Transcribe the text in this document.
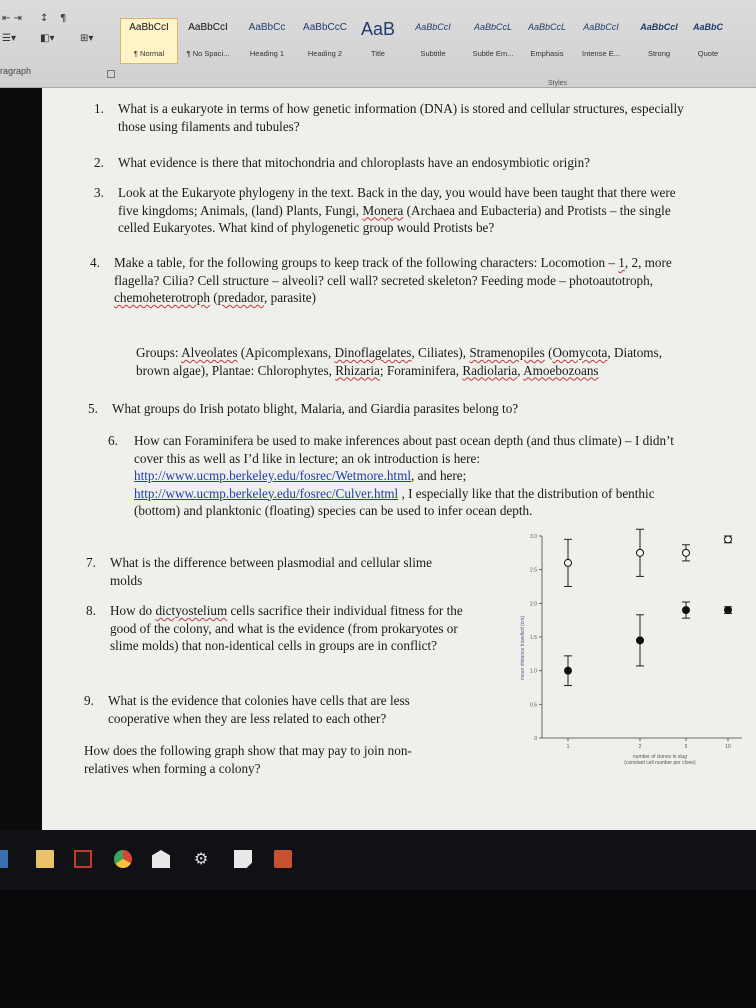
⇤ ⇥ ↕ ¶
☰▾ ◧▾	⊞▾
ragraph
AaBbCcI
¶ Normal
AaBbCcI
¶ No Spaci...
AaBbCc
Heading 1
AaBbCcC
Heading 2
AaB
Title
AaBbCcI
Subtitle
AaBbCcL
Subtle Em...
AaBbCcL
Emphasis
AaBbCcI
Intense E...
AaBbCcI
Strong
AaBbC
Quote
Styles
1. What is a eukaryote in terms of how genetic information (DNA) is stored and cellular structures, especially those using filaments and tubules?
2. What evidence is there that mitochondria and chloroplasts have an endosymbiotic origin?
3. Look at the Eukaryote phylogeny in the text. Back in the day, you would have been taught that there were five kingdoms; Animals, (land) Plants, Fungi, Monera (Archaea and Eubacteria) and Protists – the single celled Eukaryotes. What kind of phylogenetic group would Protists be?
4. Make a table, for the following groups to keep track of the following characters: Locomotion – 1, 2, more flagella? Cilia? Cell structure – alveoli? cell wall? secreted skeleton? Feeding mode – photoautotroph, chemoheterotroph (predador, parasite)
Groups: Alveolates (Apicomplexans, Dinoflagelates, Ciliates), Stramenopiles (Oomycota, Diatoms, brown algae), Plantae: Chlorophytes, Rhizaria; Foraminifera, Radiolaria, Amoebozoans
5. What groups do Irish potato blight, Malaria, and Giardia parasites belong to?
6. How can Foraminifera be used to make inferences about past ocean depth (and thus climate) – I didn’t cover this as well as I’d like in lecture; an ok introduction is here: http://www.ucmp.berkeley.edu/fosrec/Wetmore.html, and here; http://www.ucmp.berkeley.edu/fosrec/Culver.html , I especially like that the distribution of benthic (bottom) and planktonic (floating) species can be used to infer ocean depth.
7. What is the difference between plasmodial and cellular slime molds
8. How do dictyostelium cells sacrifice their individual fitness for the good of the colony, and what is the evidence (from prokaryotes or slime molds) that non-identical cells in groups are in conflict?
9. What is the evidence that colonies have cells that are less cooperative when they are less related to each other?
How does the following graph show that may pay to join non-relatives when forming a colony?
mean distance travelled (cm)
number of clones in slug
(constant cell number per clone)
0
0.5
1.0
1.5
2.0
2.5
3.0
1	2	5	10
⚙
